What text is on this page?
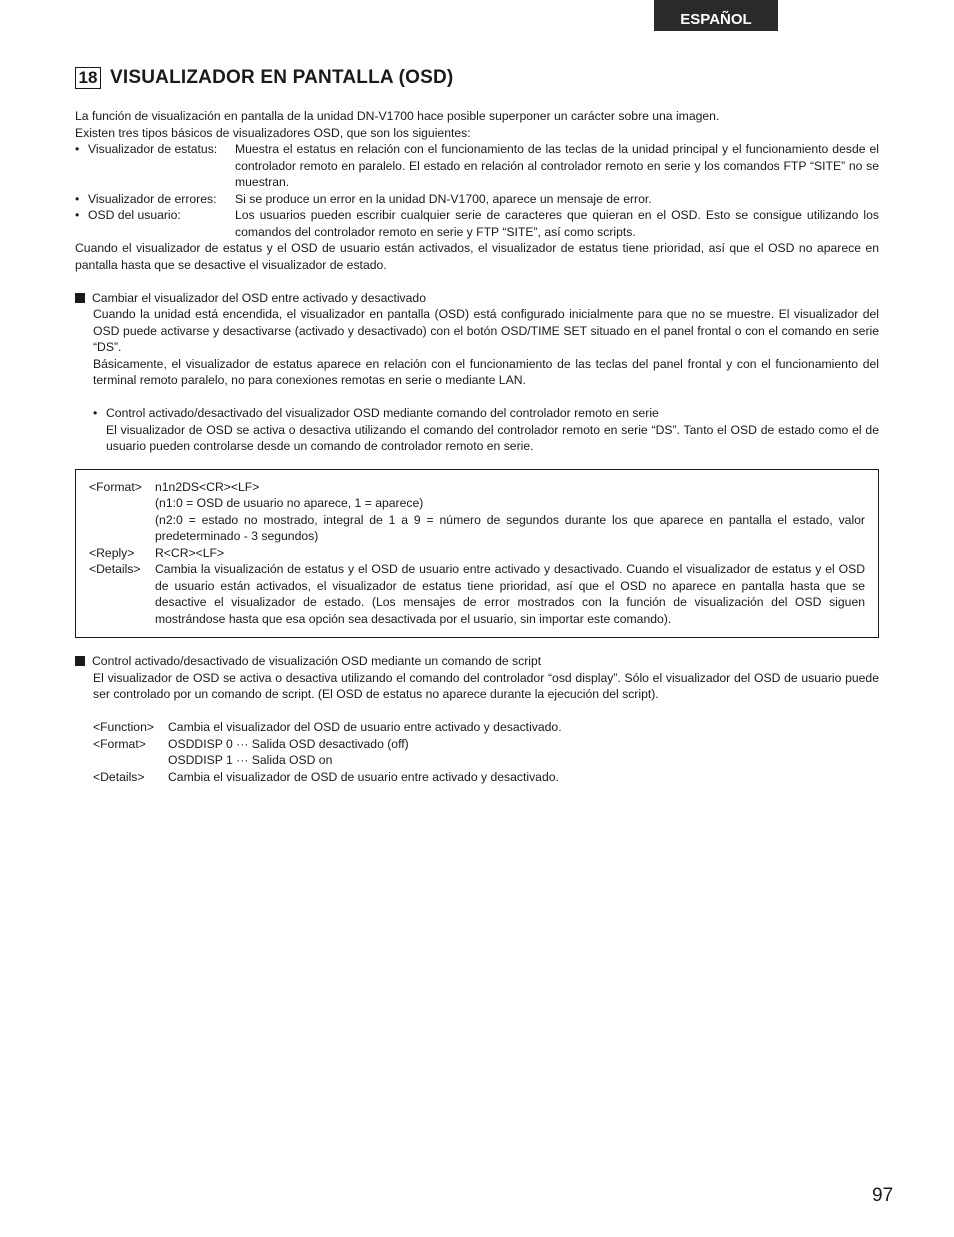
ESPAÑOL
18 VISUALIZADOR EN PANTALLA (OSD)

La función de visualización en pantalla de la unidad DN-V1700 hace posible superponer un carácter sobre una imagen.

Existen tres tipos básicos de visualizadores OSD, que son los siguientes:

• Visualizador de estatus:	Muestra el estatus en relación con el funcionamiento de las teclas de la unidad principal y el funcionamiento desde el controlador remoto en paralelo. El estado en relación al controlador remoto en serie y los comandos FTP “SITE” no se muestran.
• Visualizador de errores:	Si se produce un error en la unidad DN-V1700, aparece un mensaje de error.
• OSD del usuario:	Los usuarios pueden escribir cualquier serie de caracteres que quieran en el OSD. Esto se consigue utilizando los comandos del controlador remoto en serie y FTP “SITE”, así como scripts.

Cuando el visualizador de estatus y el OSD de usuario están activados, el visualizador de estatus tiene prioridad, así que el OSD no aparece en pantalla hasta que se desactive el visualizador de estado.

Cambiar el visualizador del OSD entre activado y desactivado

Cuando la unidad está encendida, el visualizador en pantalla (OSD) está configurado inicialmente para que no se muestre. El visualizador del OSD puede activarse y desactivarse (activado y desactivado) con el botón OSD/TIME SET situado en el panel frontal o con el comando en serie “DS”.

Básicamente, el visualizador de estatus aparece en relación con el funcionamiento de las teclas del panel frontal y con el funcionamiento del terminal remoto paralelo, no para conexiones remotas en serie o mediante LAN.

• Control activado/desactivado del visualizador OSD mediante comando del controlador remoto en serie

El visualizador de OSD se activa o desactiva utilizando el comando del controlador remoto en serie “DS”. Tanto el OSD de estado como el de usuario pueden controlarse desde un comando de controlador remoto en serie.

<Format>	n1n2DS<CR><LF>
(n1:0 = OSD de usuario no aparece, 1 = aparece)
(n2:0 = estado no mostrado, integral de 1 a 9 = número de segundos durante los que aparece en pantalla el estado, valor predeterminado - 3 segundos)
<Reply>	R<CR><LF>
<Details>	Cambia la visualización de estatus y el OSD de usuario entre activado y desactivado. Cuando el visualizador de estatus y el OSD de usuario están activados, el visualizador de estatus tiene prioridad, así que el OSD no aparece en pantalla hasta que se desactive el visualizador de estado. (Los mensajes de error mostrados con la función de visualización del OSD siguen mostrándose hasta que esa opción sea desactivada por el usuario, sin importar este comando).
Control activado/desactivado de visualización OSD mediante un comando de script

El visualizador de OSD se activa o desactiva utilizando el comando del controlador “osd display”. Sólo el visualizador del OSD de usuario puede ser controlado por un comando de script. (El OSD de estatus no aparece durante la ejecución del script).

<Function>	Cambia el visualizador del OSD de usuario entre activado y desactivado.
<Format>	OSDDISP 0 ··· Salida OSD desactivado (off)
OSDDISP 1 ··· Salida OSD on
<Details>	Cambia el visualizador de OSD de usuario entre activado y desactivado.
97
